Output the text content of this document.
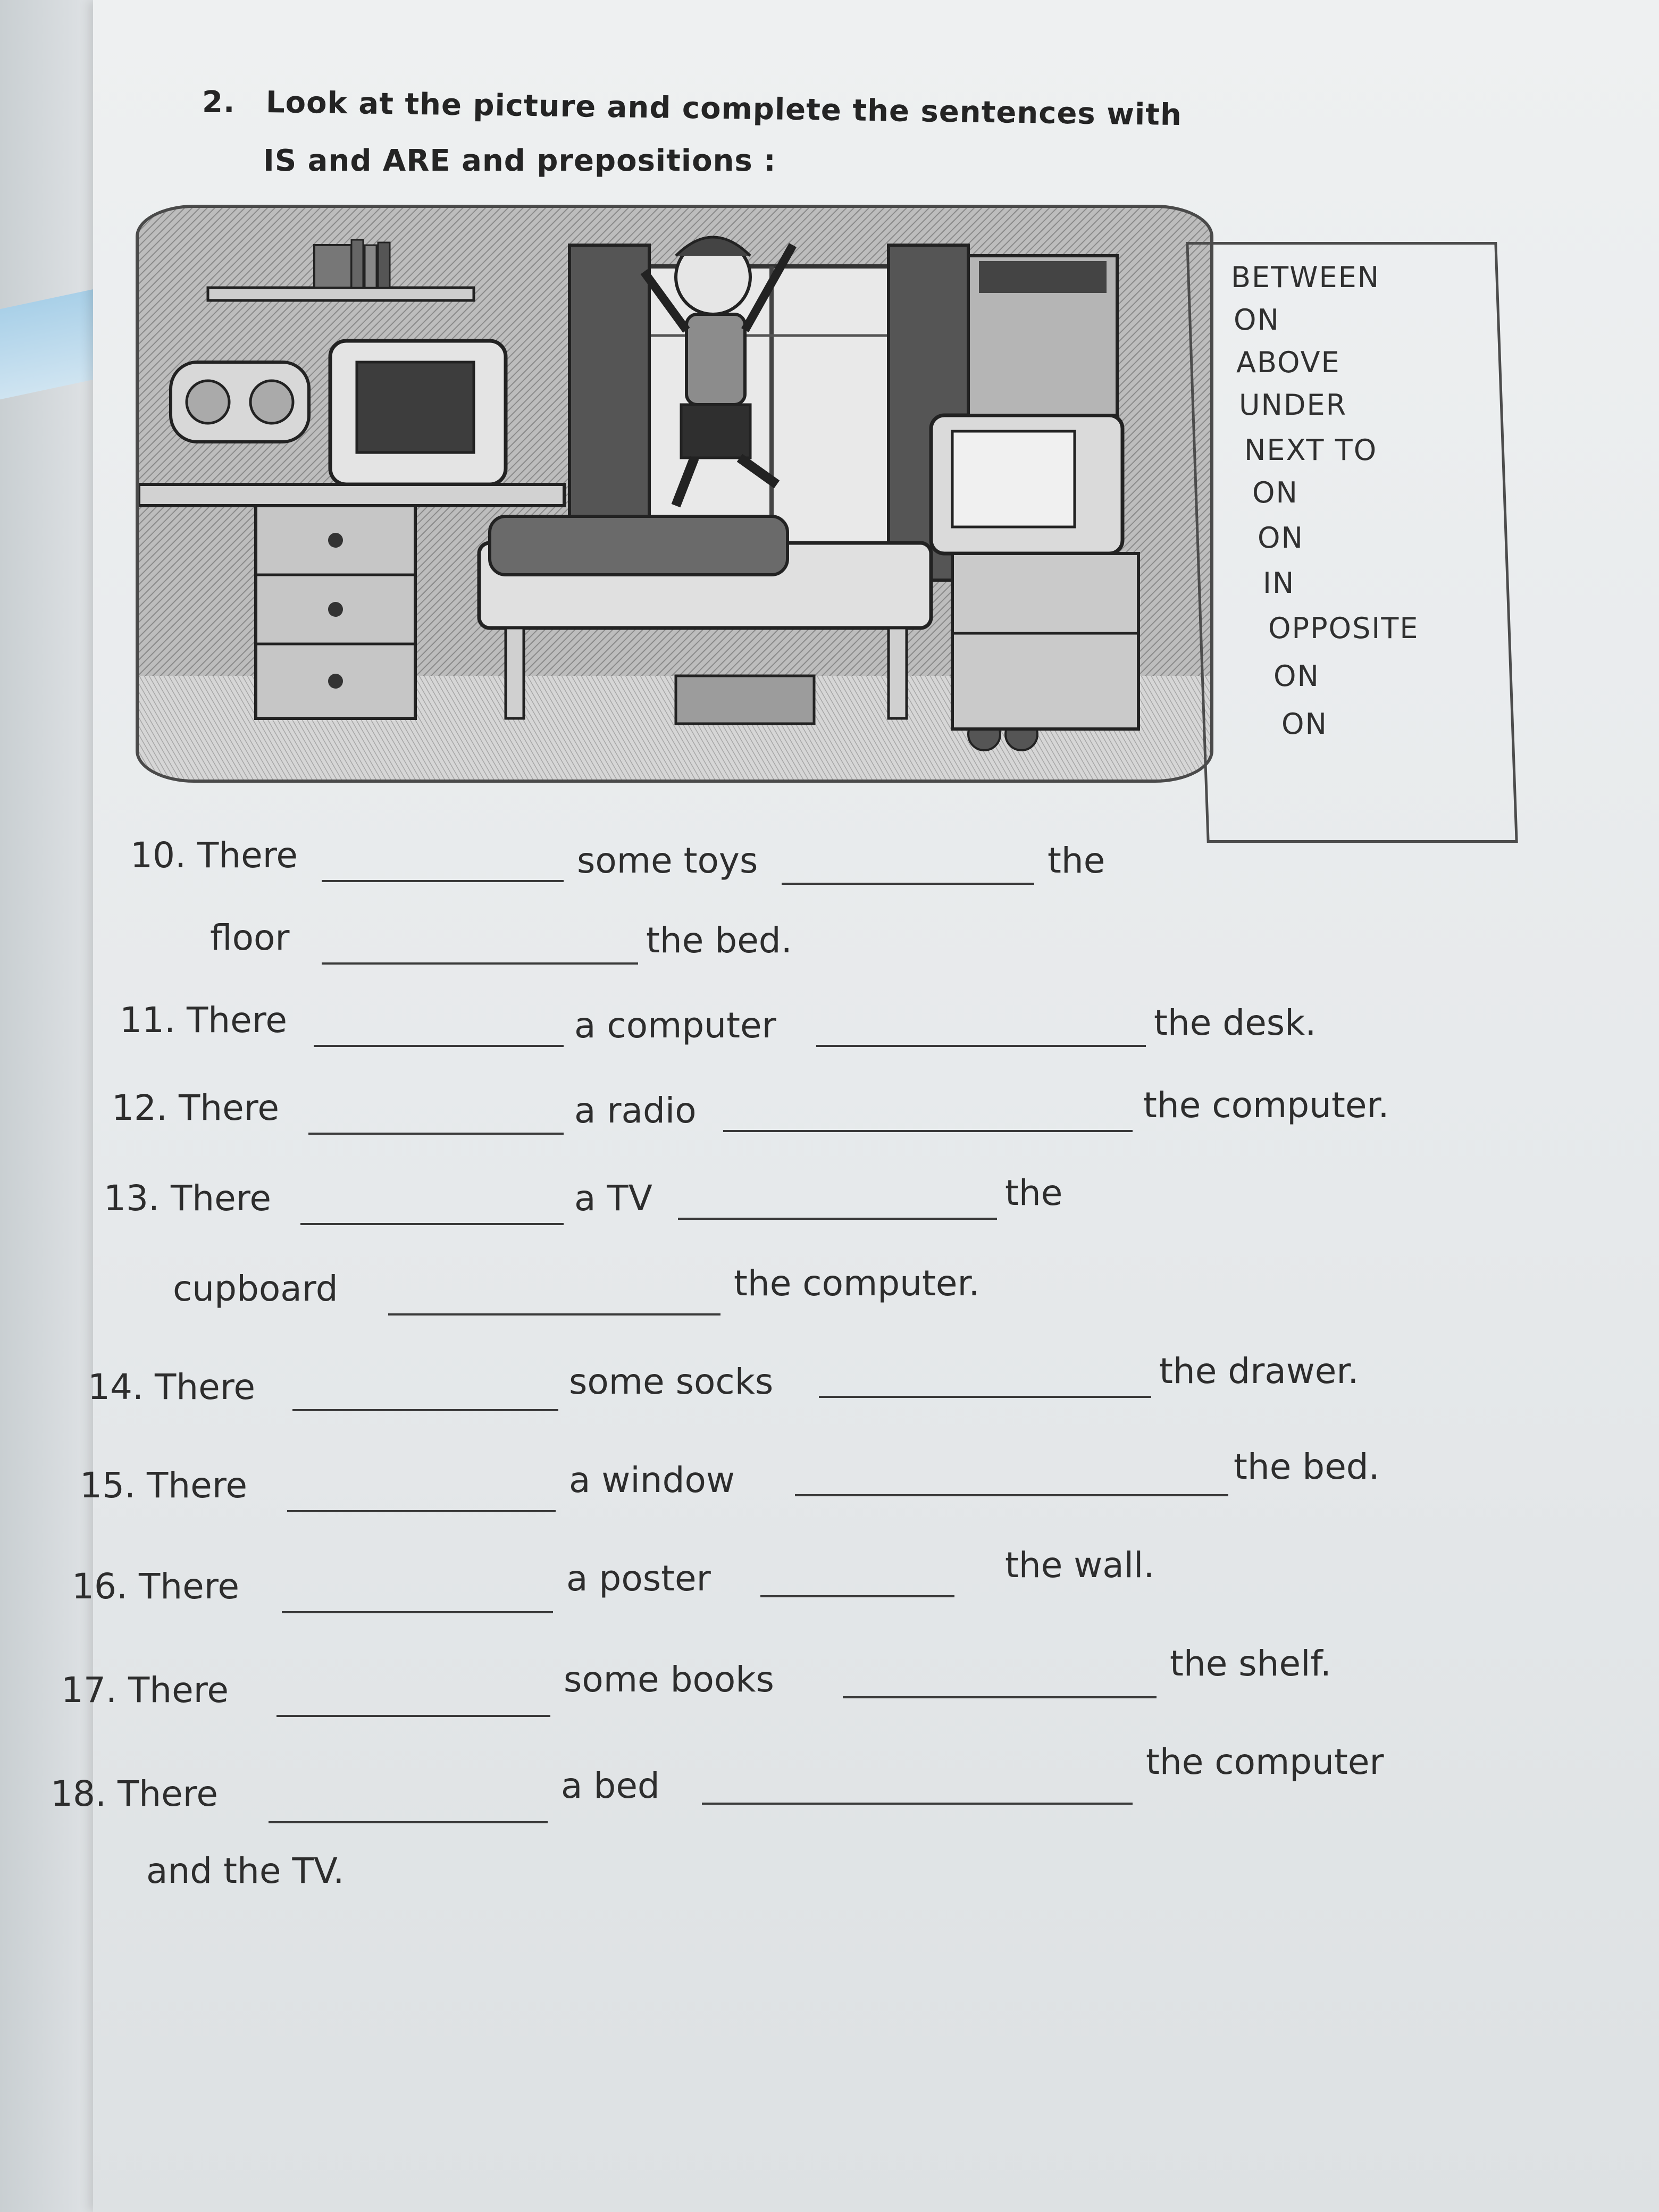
2. Look at the picture and complete the sentences with
IS and ARE and prepositions :
BETWEEN
ON
ABOVE
UNDER
NEXT TO
ON
ON
IN
OPPOSITE
ON
ON
10. There	some toys	the
floor	the bed.
11. There	a computer	the desk.
12. There	a radio	the computer.
13. There	a TV	the
cupboard	the computer.
14. There	some socks	the drawer.
15. There	a window	the bed.
16. There	a poster	the wall.
17. There	some books	the shelf.
18. There	a bed
the computer
and the TV.
